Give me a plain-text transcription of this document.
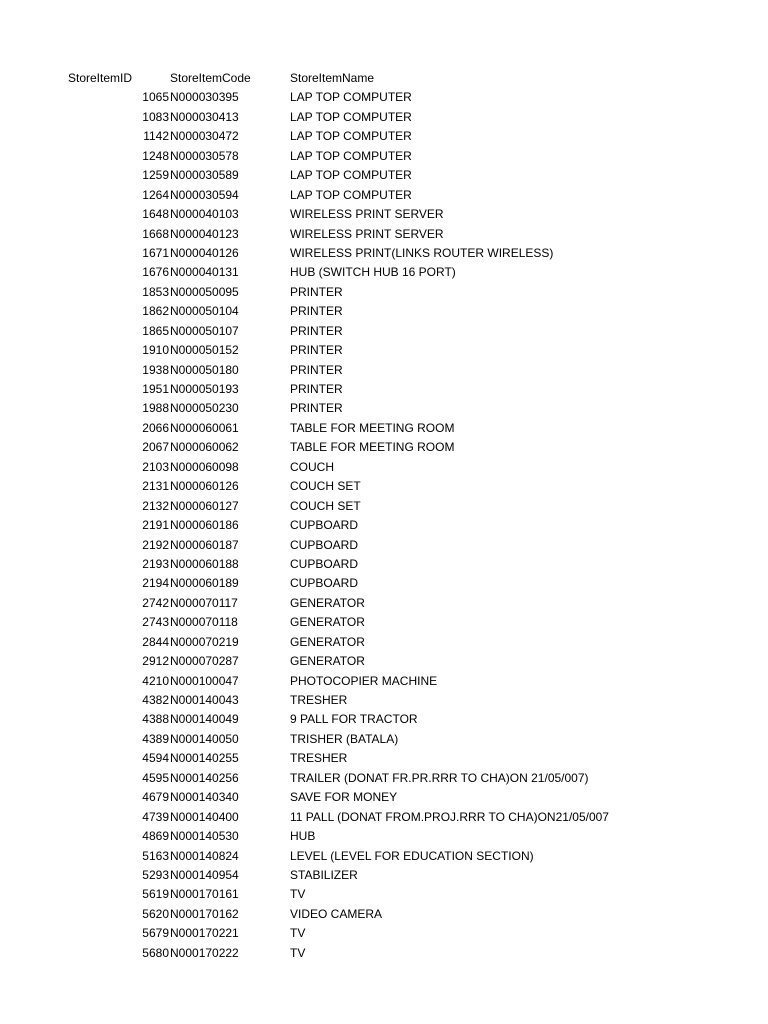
StoreItemID	StoreItemCode	StoreItemName
1065 N000030395	LAP TOP COMPUTER
1083 N000030413	LAP TOP COMPUTER
1142 N000030472	LAP TOP COMPUTER
1248 N000030578	LAP TOP COMPUTER
1259 N000030589	LAP TOP COMPUTER
1264 N000030594	LAP TOP COMPUTER
1648 N000040103	WIRELESS PRINT SERVER
1668 N000040123	WIRELESS PRINT SERVER
1671 N000040126	WIRELESS PRINT(LINKS ROUTER WIRELESS)
1676 N000040131	HUB (SWITCH HUB 16 PORT)
1853 N000050095	PRINTER
1862 N000050104	PRINTER
1865 N000050107	PRINTER
1910 N000050152	PRINTER
1938 N000050180	PRINTER
1951 N000050193	PRINTER
1988 N000050230	PRINTER
2066 N000060061	TABLE FOR MEETING ROOM
2067 N000060062	TABLE FOR MEETING ROOM
2103 N000060098	COUCH
2131 N000060126	COUCH SET
2132 N000060127	COUCH SET
2191 N000060186	CUPBOARD
2192 N000060187	CUPBOARD
2193 N000060188	CUPBOARD
2194 N000060189	CUPBOARD
2742 N000070117	GENERATOR
2743 N000070118	GENERATOR
2844 N000070219	GENERATOR
2912 N000070287	GENERATOR
4210 N000100047	PHOTOCOPIER MACHINE
4382 N000140043	TRESHER
4388 N000140049	9 PALL FOR TRACTOR
4389 N000140050	TRISHER (BATALA)
4594 N000140255	TRESHER
4595 N000140256	TRAILER (DONAT FR.PR.RRR TO CHA)ON 21/05/007)
4679 N000140340	SAVE FOR MONEY
4739 N000140400	11 PALL (DONAT FROM.PROJ.RRR TO CHA)ON21/05/007
4869 N000140530	HUB
5163 N000140824	LEVEL (LEVEL FOR EDUCATION SECTION)
5293 N000140954	STABILIZER
5619 N000170161	TV
5620 N000170162	VIDEO CAMERA
5679 N000170221	TV
5680 N000170222	TV
